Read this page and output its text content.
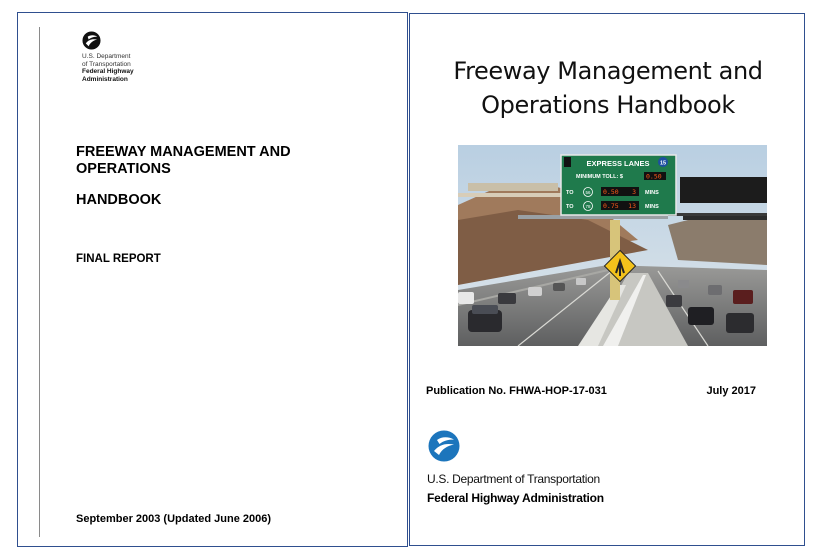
U.S. Department
of Transportation
Federal Highway
Administration
FREEWAY MANAGEMENT AND
OPERATIONS
HANDBOOK
FINAL REPORT
September 2003 (Updated June 2006)
Freeway Management and
Operations Handbook
EXPRESS LANES 15
MINIMUM TOLL: $	0.50
TO	56 0.50 3 MINS
TO	78 0.75 13 MINS
Publication No. FHWA-HOP-17-031	July 2017
U.S. Department of Transportation
Federal Highway Administration
